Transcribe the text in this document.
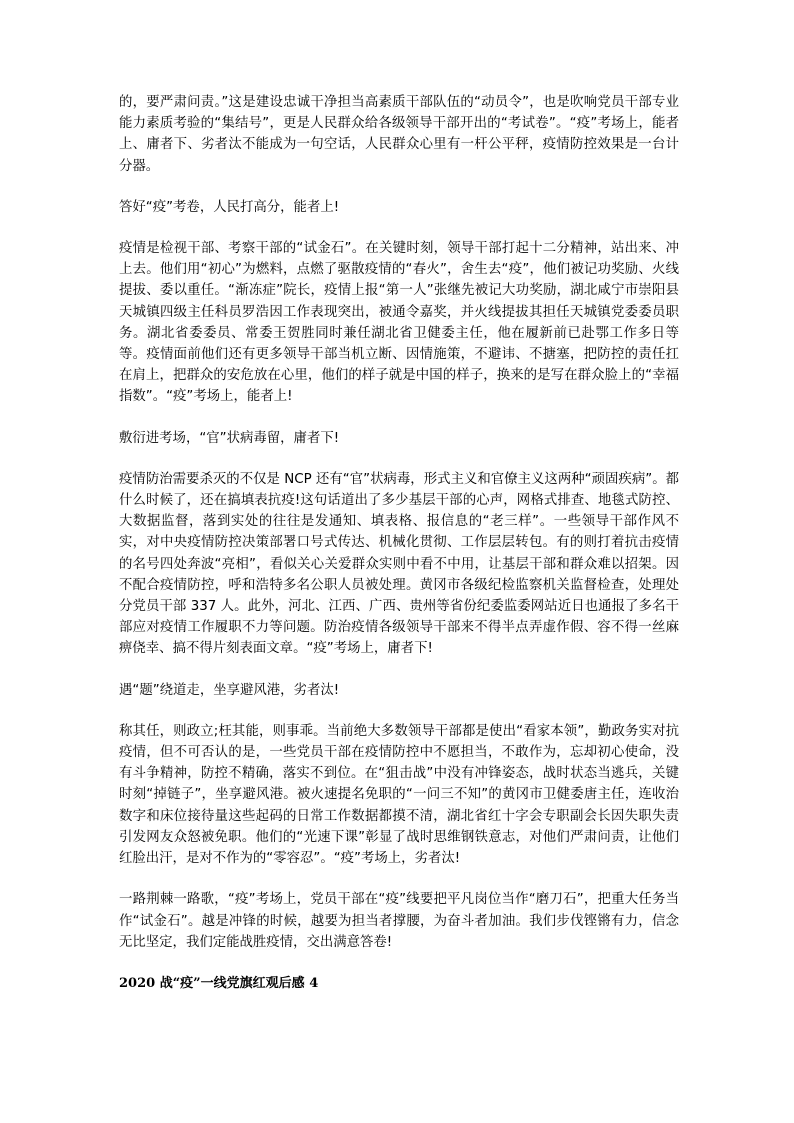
的，要严肃问责。”这是建设忠诚干净担当高素质干部队伍的“动员令”，也是吹响党员干部专业能力素质考验的“集结号”，更是人民群众给各级领导干部开出的“考试卷”。“疫”考场上，能者上、庸者下、劣者汰不能成为一句空话，人民群众心里有一杆公平秤，疫情防控效果是一台计分器。

答好“疫”考卷，人民打高分，能者上!

疫情是检视干部、考察干部的“试金石”。在关键时刻，领导干部打起十二分精神，站出来、冲上去。他们用“初心”为燃料，点燃了驱散疫情的“春火”，舍生去“疫”，他们被记功奖励、火线提拔、委以重任。“渐冻症”院长，疫情上报“第一人”张继先被记大功奖励，湖北咸宁市崇阳县天城镇四级主任科员罗浩因工作表现突出，被通令嘉奖，并火线提拔其担任天城镇党委委员职务。湖北省委委员、常委王贺胜同时兼任湖北省卫健委主任，他在履新前已赴鄂工作多日等等。疫情面前他们还有更多领导干部当机立断、因情施策，不避讳、不搪塞，把防控的责任扛在肩上，把群众的安危放在心里，他们的样子就是中国的样子，换来的是写在群众脸上的“幸福指数”。“疫”考场上，能者上!

敷衍进考场，“官”状病毒留，庸者下!

疫情防治需要杀灭的不仅是 NCP 还有“官”状病毒，形式主义和官僚主义这两种“顽固疾病”。都什么时候了，还在搞填表抗疫!这句话道出了多少基层干部的心声，网格式排查、地毯式防控、大数据监督，落到实处的往往是发通知、填表格、报信息的“老三样”。一些领导干部作风不实，对中央疫情防控决策部署口号式传达、机械化贯彻、工作层层转包。有的则打着抗击疫情的名号四处奔波“亮相”，看似关心关爱群众实则中看不中用，让基层干部和群众难以招架。因不配合疫情防控，呼和浩特多名公职人员被处理。黄冈市各级纪检监察机关监督检查，处理处分党员干部 337 人。此外，河北、江西、广西、贵州等省份纪委监委网站近日也通报了多名干部应对疫情工作履职不力等问题。防治疫情各级领导干部来不得半点弄虚作假、容不得一丝麻痹侥幸、搞不得片刻表面文章。“疫”考场上，庸者下!

遇“题”绕道走，坐享避风港，劣者汰!

称其任，则政立;枉其能，则事乖。当前绝大多数领导干部都是使出“看家本领”，勤政务实对抗疫情，但不可否认的是，一些党员干部在疫情防控中不愿担当，不敢作为，忘却初心使命，没有斗争精神，防控不精确，落实不到位。在“狙击战”中没有冲锋姿态，战时状态当逃兵，关键时刻“掉链子”，坐享避风港。被火速提名免职的“一问三不知”的黄冈市卫健委唐主任，连收治数字和床位接待量这些起码的日常工作数据都摸不清，湖北省红十字会专职副会长因失职失责引发网友众怒被免职。他们的“光速下课”彰显了战时思维钢铁意志，对他们严肃问责，让他们红脸出汗，是对不作为的“零容忍”。“疫”考场上，劣者汰!

一路荆棘一路歌，“疫”考场上，党员干部在“疫”线要把平凡岗位当作“磨刀石”，把重大任务当作“试金石”。越是冲锋的时候，越要为担当者撑腰，为奋斗者加油。我们步伐铿锵有力，信念无比坚定，我们定能战胜疫情，交出满意答卷!

2020 战“疫”一线党旗红观后感 4
